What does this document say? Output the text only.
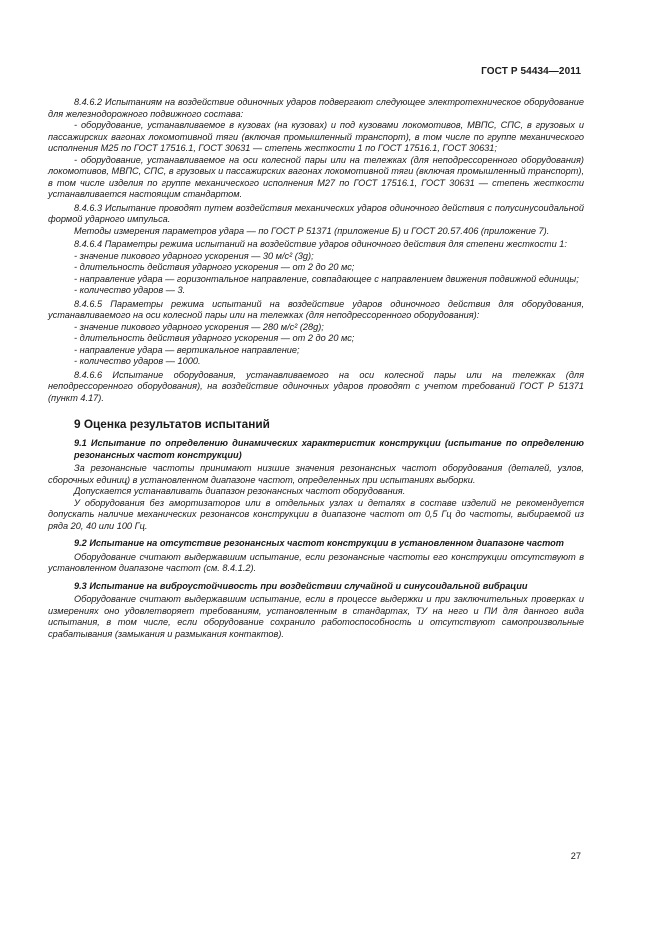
ГОСТ Р 54434—2011

8.4.6.2 Испытаниям на воздействие одиночных ударов подвергают следующее электротехническое оборудование для железнодорожного подвижного состава:

- оборудование, устанавливаемое в кузовах (на кузовах) и под кузовами локомотивов, МВПС, СПС, в грузовых и пассажирских вагонах локомотивной тяги (включая промышленный транспорт), в том числе по группе механического исполнения М25 по ГОСТ 17516.1, ГОСТ 30631 — степень жесткости 1 по ГОСТ 17516.1, ГОСТ 30631;

- оборудование, устанавливаемое на оси колесной пары или на тележках (для неподрессоренного оборудования) локомотивов, МВПС, СПС, в грузовых и пассажирских вагонах локомотивной тяги (включая промышленный транспорт), в том числе изделия по группе механического исполнения М27 по ГОСТ 17516.1, ГОСТ 30631 — степень жесткости устанавливается настоящим стандартом.

8.4.6.3 Испытание проводят путем воздействия механических ударов одиночного действия с полусинусоидальной формой ударного импульса.

Методы измерения параметров удара — по ГОСТ Р 51371 (приложение Б) и ГОСТ 20.57.406 (приложение 7).

8.4.6.4 Параметры режима испытаний на воздействие ударов одиночного действия для степени жесткости 1:

- значение пикового ударного ускорения — 30 м/с² (3g);

- длительность действия ударного ускорения — от 2 до 20 мс;

- направление удара — горизонтальное направление, совпадающее с направлением движения подвижной единицы;

- количество ударов — 3.

8.4.6.5 Параметры режима испытаний на воздействие ударов одиночного действия для оборудования, устанавливаемого на оси колесной пары или на тележках (для неподрессоренного оборудования):

- значение пикового ударного ускорения — 280 м/с² (28g);

- длительность действия ударного ускорения — от 2 до 20 мс;

- направление удара — вертикальное направление;

- количество ударов — 1000.

8.4.6.6 Испытание оборудования, устанавливаемого на оси колесной пары или на тележках (для неподрессоренного оборудования), на воздействие одиночных ударов проводят с учетом требований ГОСТ Р 51371 (пункт 4.17).

9 Оценка результатов испытаний

9.1 Испытание по определению динамических характеристик конструкции (испытание по определению резонансных частот конструкции)

За резонансные частоты принимают низшие значения резонансных частот оборудования (деталей, узлов, сборочных единиц) в установленном диапазоне частот, определенных при испытаниях выборки.

Допускается устанавливать диапазон резонансных частот оборудования.

У оборудования без амортизаторов или в отдельных узлах и деталях в составе изделий не рекомендуется допускать наличие механических резонансов конструкции в диапазоне частот от 0,5 Гц до частоты, выбираемой из ряда 20, 40 или 100 Гц.

9.2 Испытание на отсутствие резонансных частот конструкции в установленном диапазоне частот

Оборудование считают выдержавшим испытание, если резонансные частоты его конструкции отсутствуют в установленном диапазоне частот (см. 8.4.1.2).

9.3 Испытание на виброустойчивость при воздействии случайной и синусоидальной вибрации

Оборудование считают выдержавшим испытание, если в процессе выдержки и при заключительных проверках и измерениях оно удовлетворяет требованиям, установленным в стандартах, ТУ на него и ПИ для данного вида испытания, в том числе, если оборудование сохранило работоспособность и отсутствуют самопроизвольные срабатывания (замыкания и размыкания контактов).

27
